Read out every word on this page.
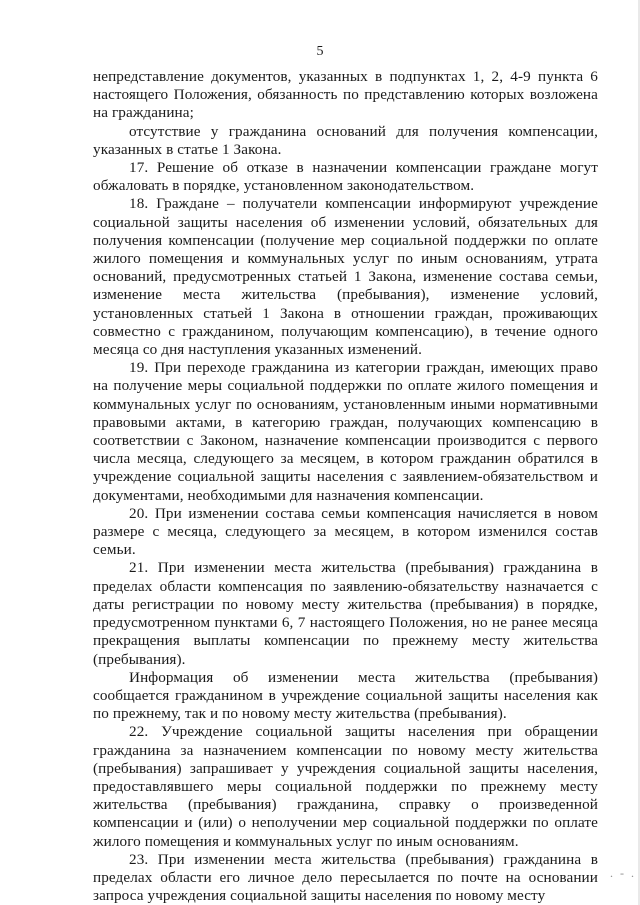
5

непредставление документов, указанных в подпунктах 1, 2, 4-9 пункта 6 настоящего Положения, обязанность по представлению которых возложена на гражданина;

отсутствие у гражданина оснований для получения компенсации, указанных в статье 1 Закона.

17. Решение об отказе в назначении компенсации граждане могут обжаловать в порядке, установленном законодательством.

18. Граждане – получатели компенсации информируют учреждение социальной защиты населения об изменении условий, обязательных для получения компенсации (получение мер социальной поддержки по оплате жилого помещения и коммунальных услуг по иным основаниям, утрата оснований, предусмотренных статьей 1 Закона, изменение состава семьи, изменение места жительства (пребывания), изменение условий, установленных статьей 1 Закона в отношении граждан, проживающих совместно с гражданином, получающим компенсацию), в течение одного месяца со дня наступления указанных изменений.

19. При переходе гражданина из категории граждан, имеющих право на получение меры социальной поддержки по оплате жилого помещения и коммунальных услуг по основаниям, установленным иными нормативными правовыми актами, в категорию граждан, получающих компенсацию в соответствии с Законом, назначение компенсации производится с первого числа месяца, следующего за месяцем, в котором гражданин обратился в учреждение социальной защиты населения с заявлением-обязательством и документами, необходимыми для назначения компенсации.

20. При изменении состава семьи компенсация начисляется в новом размере с месяца, следующего за месяцем, в котором изменился состав семьи.

21. При изменении места жительства (пребывания) гражданина в пределах области компенсация по заявлению-обязательству назначается с даты регистрации по новому месту жительства (пребывания) в порядке, предусмотренном пунктами 6, 7 настоящего Положения, но не ранее месяца прекращения выплаты компенсации по прежнему месту жительства (пребывания).

Информация об изменении места жительства (пребывания) сообщается гражданином в учреждение социальной защиты населения как по прежнему, так и по новому месту жительства (пребывания).

22. Учреждение социальной защиты населения при обращении гражданина за назначением компенсации по новому месту жительства (пребывания) запрашивает у учреждения социальной защиты населения, предоставлявшего меры социальной поддержки по прежнему месту жительства (пребывания) гражданина, справку о произведенной компенсации и (или) о неполучении мер социальной поддержки по оплате жилого помещения и коммунальных услуг по иным основаниям.

23. При изменении места жительства (пребывания) гражданина в пределах области его личное дело пересылается по почте на основании запроса учреждения социальной защиты населения по новому месту

. - .
